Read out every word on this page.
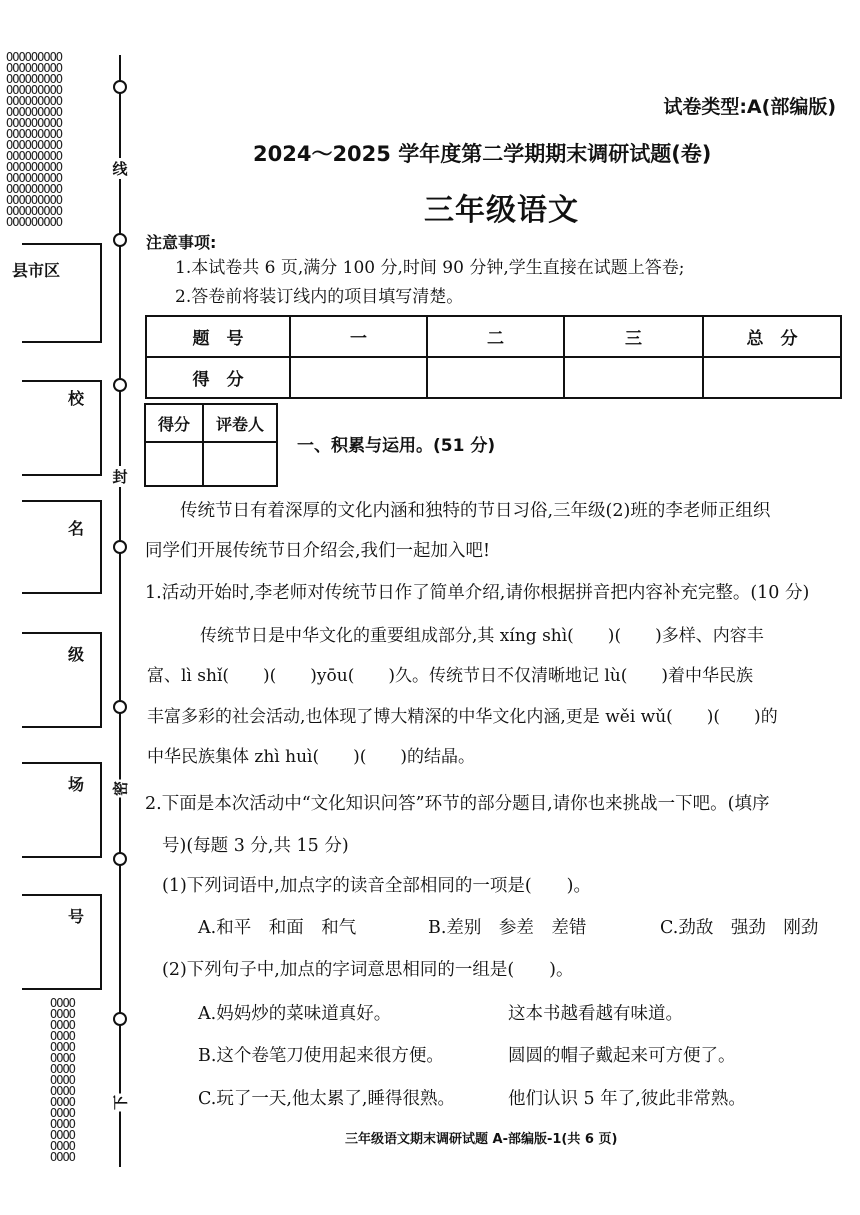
OOOOOOOOO
OOOOOOOOO
OOOOOOOOO
OOOOOOOOO
OOOOOOOOO
OOOOOOOOO
OOOOOOOOO
OOOOOOOOO
OOOOOOOOO
OOOOOOOOO
OOOOOOOOO
OOOOOOOOO
OOOOOOOOO
OOOOOOOOO
OOOOOOOOO
OOOOOOOOO
OOOO
OOOO
OOOO
OOOO
OOOO
OOOO
OOOO
OOOO
OOOO
OOOO
OOOO
OOOO
OOOO
OOOO
OOOO
线
封
密
下
县市区
校
名
级
场
号
试卷类型:A(部编版)
2024～2025 学年度第二学期期末调研试题(卷)
三年级语文
注意事项:
1.本试卷共 6 页,满分 100 分,时间 90 分钟,学生直接在试题上答卷;
2.答卷前将装订线内的项目填写清楚。
题　号	一	二	三	总　分
得　分				
得分	评卷人

一、积累与运用。(51 分)
传统节日有着深厚的文化内涵和独特的节日习俗,三年级(2)班的李老师正组织
同学们开展传统节日介绍会,我们一起加入吧!
1.活动开始时,李老师对传统节日作了简单介绍,请你根据拼音把内容补充完整。(10 分)
传统节日是中华文化的重要组成部分,其 xíng shì(　　)(　　)多样、内容丰
富、lì shǐ(　　)(　　)yōu(　　)久。传统节日不仅清晰地记 lù(　　)着中华民族
丰富多彩的社会活动,也体现了博大精深的中华文化内涵,更是 wěi wǔ(　　)(　　)的
中华民族集体 zhì huì(　　)(　　)的结晶。
2.下面是本次活动中“文化知识问答”环节的部分题目,请你也来挑战一下吧。(填序
号)(每题 3 分,共 15 分)
(1)下列词语中,加点字的读音全部相同的一项是(　　)。
A.和平　和面　和气	B.差别　参差　差错	C.劲敌　强劲　刚劲
(2)下列句子中,加点的字词意思相同的一组是(　　)。
A.妈妈炒的菜味道真好。	这本书越看越有味道。
B.这个卷笔刀使用起来很方便。	圆圆的帽子戴起来可方便了。
C.玩了一天,他太累了,睡得很熟。	他们认识 5 年了,彼此非常熟。
三年级语文期末调研试题 A-部编版-1(共 6 页)
